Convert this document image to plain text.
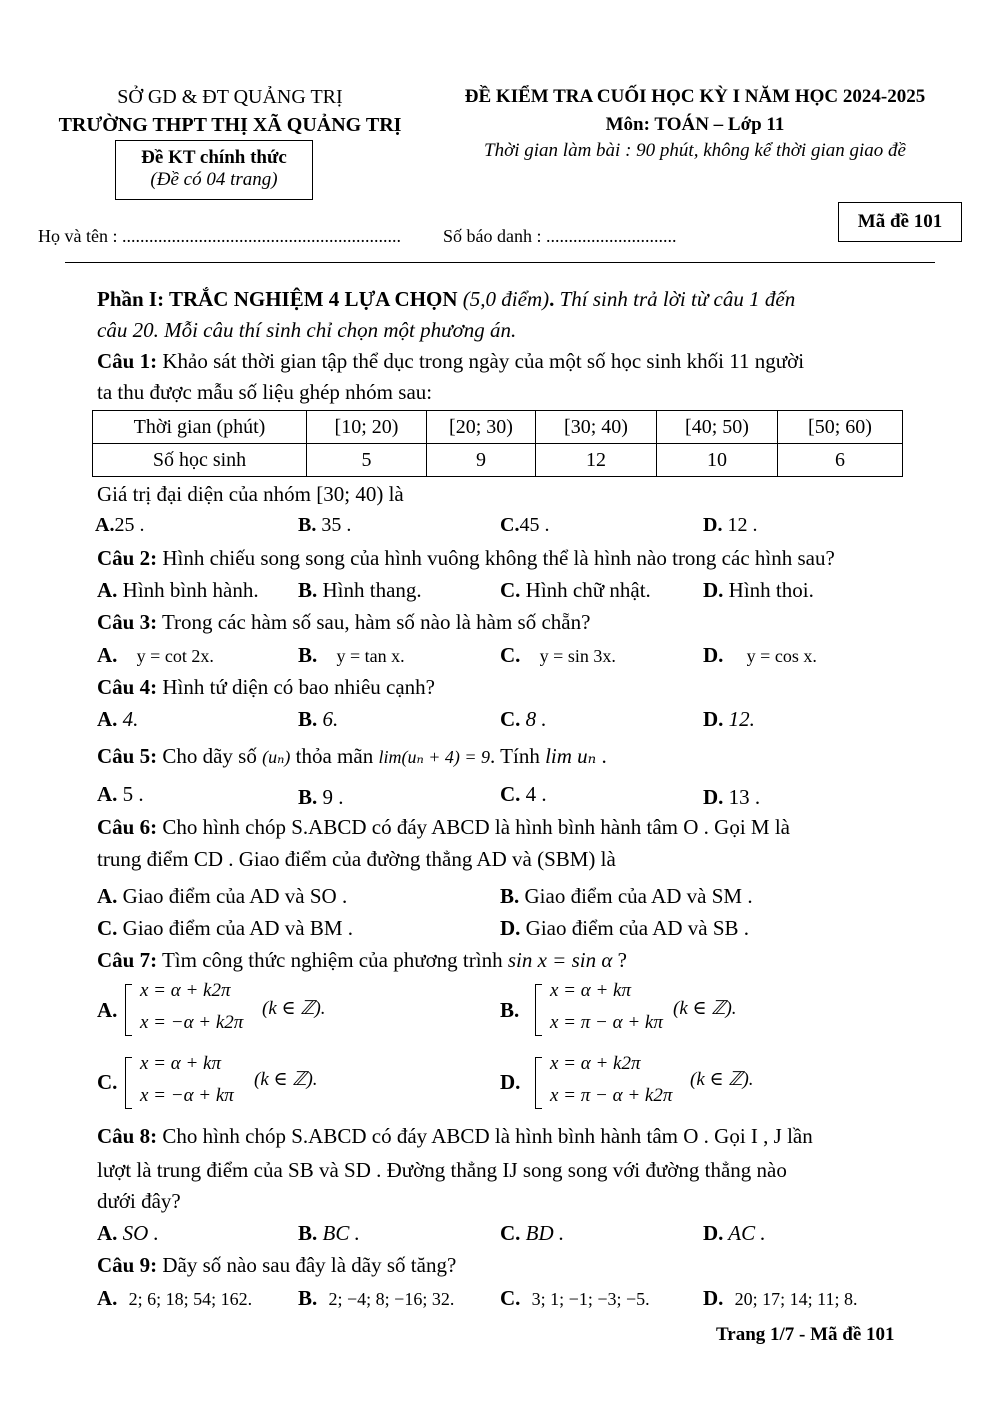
SỞ GD & ĐT QUẢNG TRỊ
TRƯỜNG THPT THỊ XÃ QUẢNG TRỊ
Đề KT chính thức
(Đề có 04 trang)
ĐỀ KIỂM TRA CUỐI HỌC KỲ I NĂM HỌC 2024-2025
Môn: TOÁN – Lớp 11
Thời gian làm bài : 90 phút, không kể thời gian giao đề
Mã đề 101
Họ và tên : .............................................................. Số báo danh : .............................
Phần I: TRẮC NGHIỆM 4 LỰA CHỌN (5,0 điểm). Thí sinh trả lời từ câu 1 đến
câu 20. Mỗi câu thí sinh chỉ chọn một phương án.
Câu 1: Khảo sát thời gian tập thể dục trong ngày của một số học sinh khối 11 người
ta thu được mẫu số liệu ghép nhóm sau:
Thời gian (phút)	[10; 20)	[20; 30)	[30; 40)	[40; 50)	[50; 60)
Số học sinh	5	9	12	10	6
Giá trị đại diện của nhóm [30; 40) là
A.25 .	B. 35 .	C.45 .	D. 12 .
Câu 2: Hình chiếu song song của hình vuông không thể là hình nào trong các hình sau?
A. Hình bình hành. B. Hình thang.	C. Hình chữ nhật. D. Hình thoi.
Câu 3: Trong các hàm số sau, hàm số nào là hàm số chẵn?
A. y = cot 2x.	B. y = tan x.	C. y = sin 3x.	D. y = cos x.
Câu 4: Hình tứ diện có bao nhiêu cạnh?
A. 4.	B. 6.	C. 8 .	D. 12.
Câu 5: Cho dãy số (uₙ) thỏa mãn lim(uₙ + 4) = 9. Tính lim uₙ .
A. 5 .	B. 9 .	C. 4 .	D. 13 .
Câu 6: Cho hình chóp S.ABCD có đáy ABCD là hình bình hành tâm O . Gọi M là
trung điểm CD . Giao điểm của đường thẳng AD và (SBM) là
A. Giao điểm của AD và SO .	B. Giao điểm của AD và SM .
C. Giao điểm của AD và BM .	D. Giao điểm của AD và SB .
Câu 7: Tìm công thức nghiệm của phương trình sin x = sin α ?
A.
x = α + k2π
x = −α + k2π
(k ∈ ℤ).	B.
x = α + kπ
x = π − α + kπ
(k ∈ ℤ).
C.
x = α + kπ
x = −α + kπ
(k ∈ ℤ).	D.
x = α + k2π
x = π − α + k2π
(k ∈ ℤ).
Câu 8: Cho hình chóp S.ABCD có đáy ABCD là hình bình hành tâm O . Gọi I , J lần
lượt là trung điểm của SB và SD . Đường thẳng IJ song song với đường thẳng nào
dưới đây?
A. SO .	B. BC .	C. BD .	D. AC .
Câu 9: Dãy số nào sau đây là dãy số tăng?
A. 2; 6; 18; 54; 162. B. 2; −4; 8; −16; 32. C. 3; 1; −1; −3; −5.	D. 20; 17; 14; 11; 8.
Trang 1/7 - Mã đề 101
